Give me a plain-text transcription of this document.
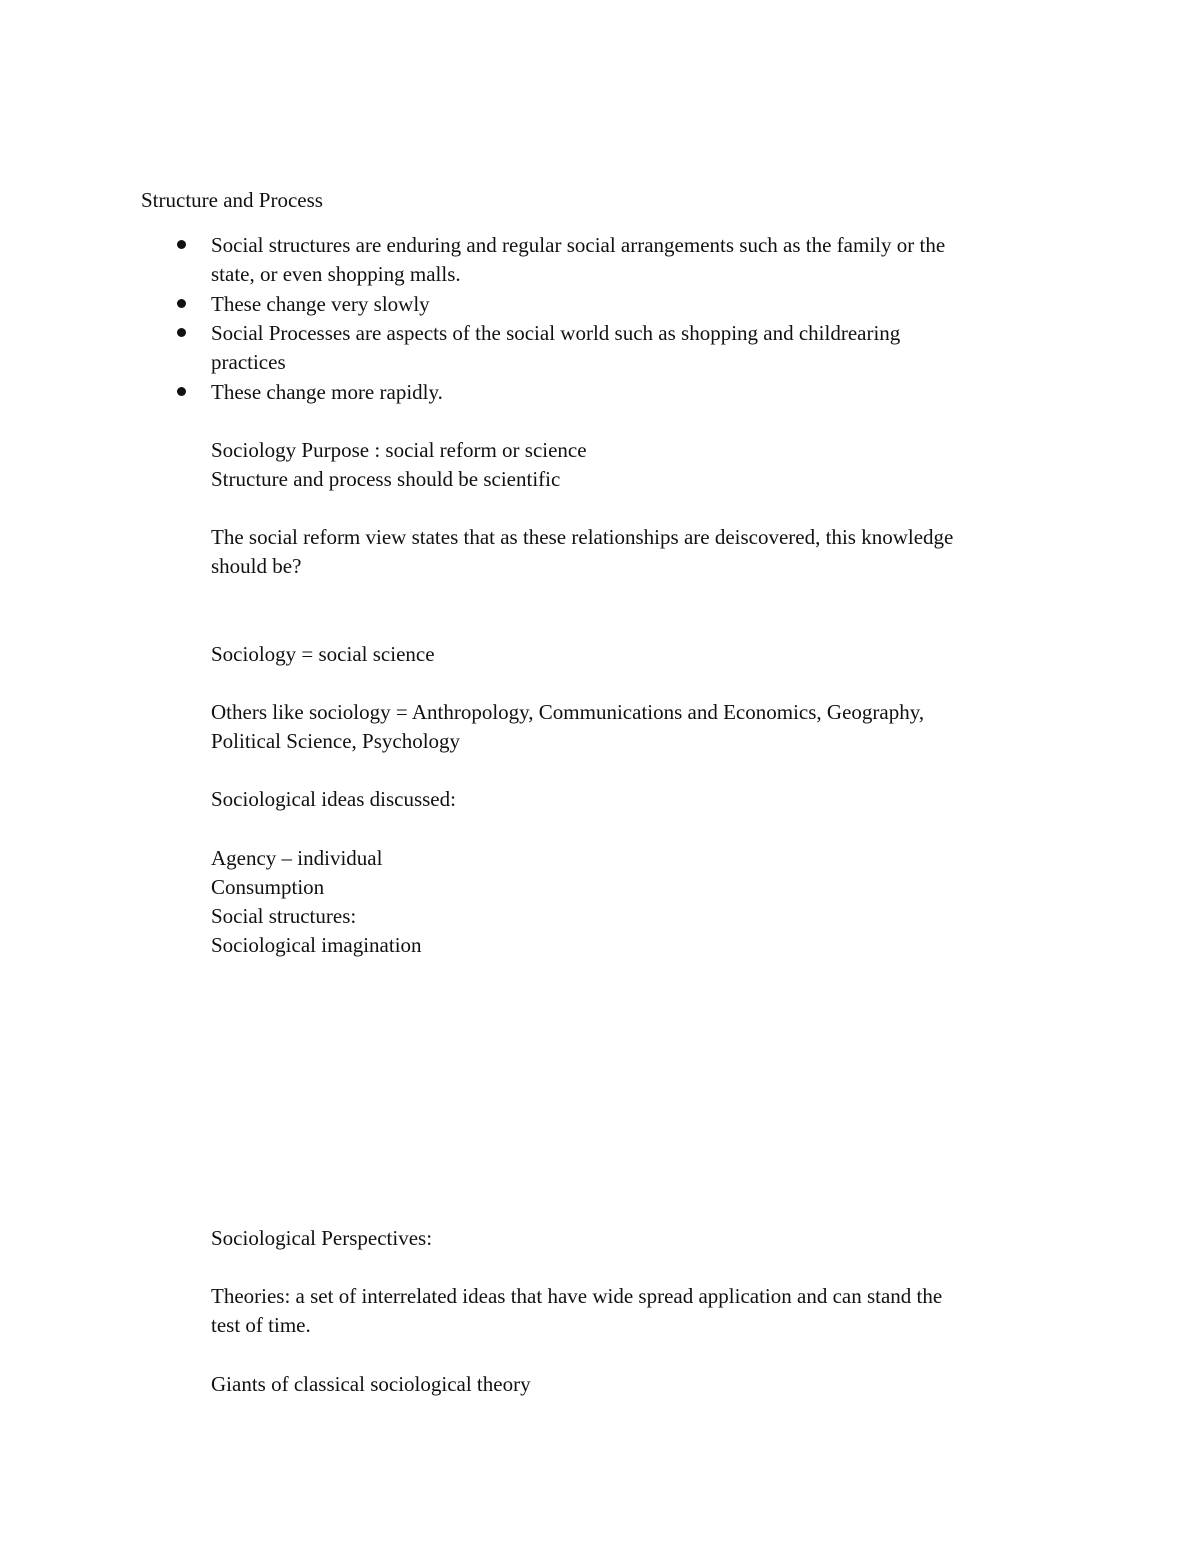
Structure and Process
Social structures are enduring and regular social arrangements such as the family or the
state, or even shopping malls.
These change very slowly
Social Processes are aspects of the social world such as shopping and childrearing
practices
These change more rapidly.
Sociology Purpose : social reform or science
Structure and process should be scientific
The social reform view states that as these relationships are deiscovered, this knowledge
should be?
Sociology = social science
Others like sociology = Anthropology, Communications and Economics, Geography,
Political Science, Psychology
Sociological ideas discussed:
Agency – individual
Consumption
Social structures:
Sociological imagination
Sociological Perspectives:
Theories: a set of interrelated ideas that have wide spread application and can stand the
test of time.
Giants of classical sociological theory
